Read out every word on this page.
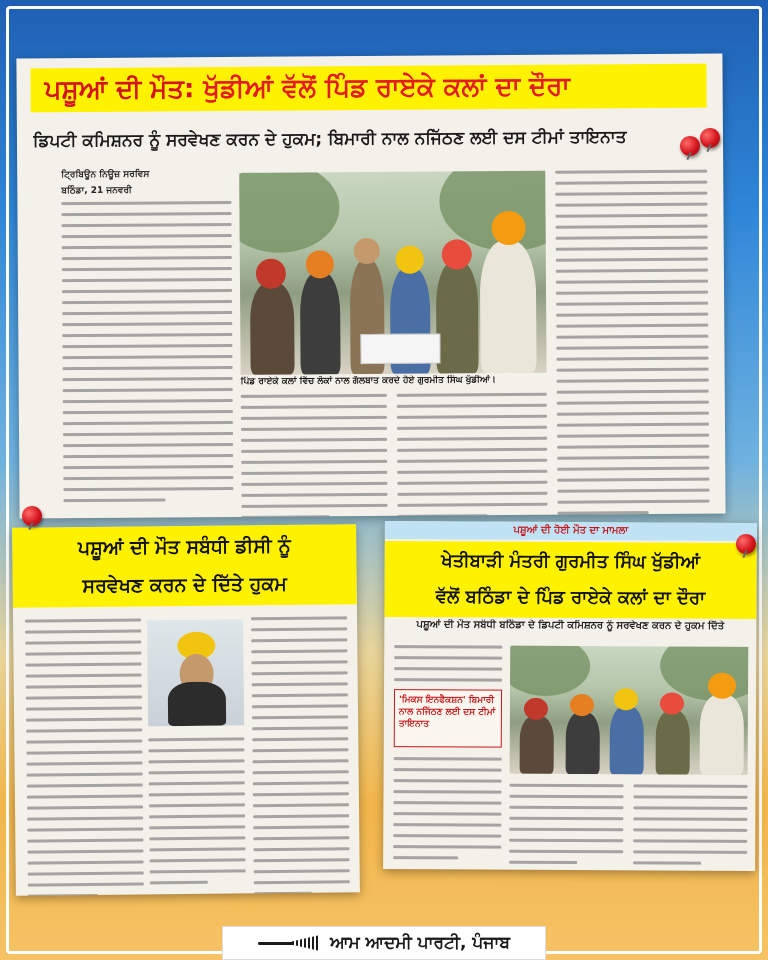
ਪਸ਼ੂਆਂ ਦੀ ਮੌਤ: ਖੁੱਡੀਆਂ ਵੱਲੋਂ ਪਿੰਡ ਰਾਏਕੇ ਕਲਾਂ ਦਾ ਦੌਰਾ
ਡਿਪਟੀ ਕਮਿਸ਼ਨਰ ਨੂੰ ਸਰਵੇਖਣ ਕਰਨ ਦੇ ਹੁਕਮ; ਬਿਮਾਰੀ ਨਾਲ ਨਜਿੱਠਣ ਲਈ ਦਸ ਟੀਮਾਂ ਤਾਇਨਾਤ
ਟ੍ਰਿਬਿਊਨ ਨਿਊਜ਼ ਸਰਵਿਸ
ਬਠਿੰਡਾ, 21 ਜਨਵਰੀ
ਪਿੰਡ ਰਾਏਕੇ ਕਲਾਂ ਵਿੱਚ ਲੋਕਾਂ ਨਾਲ ਗੱਲਬਾਤ ਕਰਦੇ ਹੋਏ ਗੁਰਮੀਤ ਸਿੰਘ ਖੁੱਡੀਆਂ।
ਪਸ਼ੂਆਂ ਦੀ ਮੌਤ ਸਬੰਧੀ ਡੀਸੀ ਨੂੰ
ਸਰਵੇਖਣ ਕਰਨ ਦੇ ਦਿੱਤੇ ਹੁਕਮ
ਪਸ਼ੂਆਂ ਦੀ ਹੋਈ ਮੌਤ ਦਾ ਮਾਮਲਾ
ਖੇਤੀਬਾੜੀ ਮੰਤਰੀ ਗੁਰਮੀਤ ਸਿੰਘ ਖੁੱਡੀਆਂ
ਵੱਲੋਂ ਬਠਿੰਡਾ ਦੇ ਪਿੰਡ ਰਾਏਕੇ ਕਲਾਂ ਦਾ ਦੌਰਾ
ਪਸ਼ੂਆਂ ਦੀ ਮੌਤ ਸਬੰਧੀ ਬਠਿੰਡਾ ਦੇ ਡਿਪਟੀ ਕਮਿਸ਼ਨਰ ਨੂੰ ਸਰਵੇਖਣ ਕਰਨ ਦੇ ਹੁਕਮ ਦਿੱਤੇ
'ਮਿਕਸ ਇਨਫੈਕਸ਼ਨ' ਬਿਮਾਰੀ ਨਾਲ ਨਜਿੱਠਣ ਲਈ ਦਸ ਟੀਮਾਂ ਤਾਇਨਾਤ
ਆਮ ਆਦਮੀ ਪਾਰਟੀ, ਪੰਜਾਬ
